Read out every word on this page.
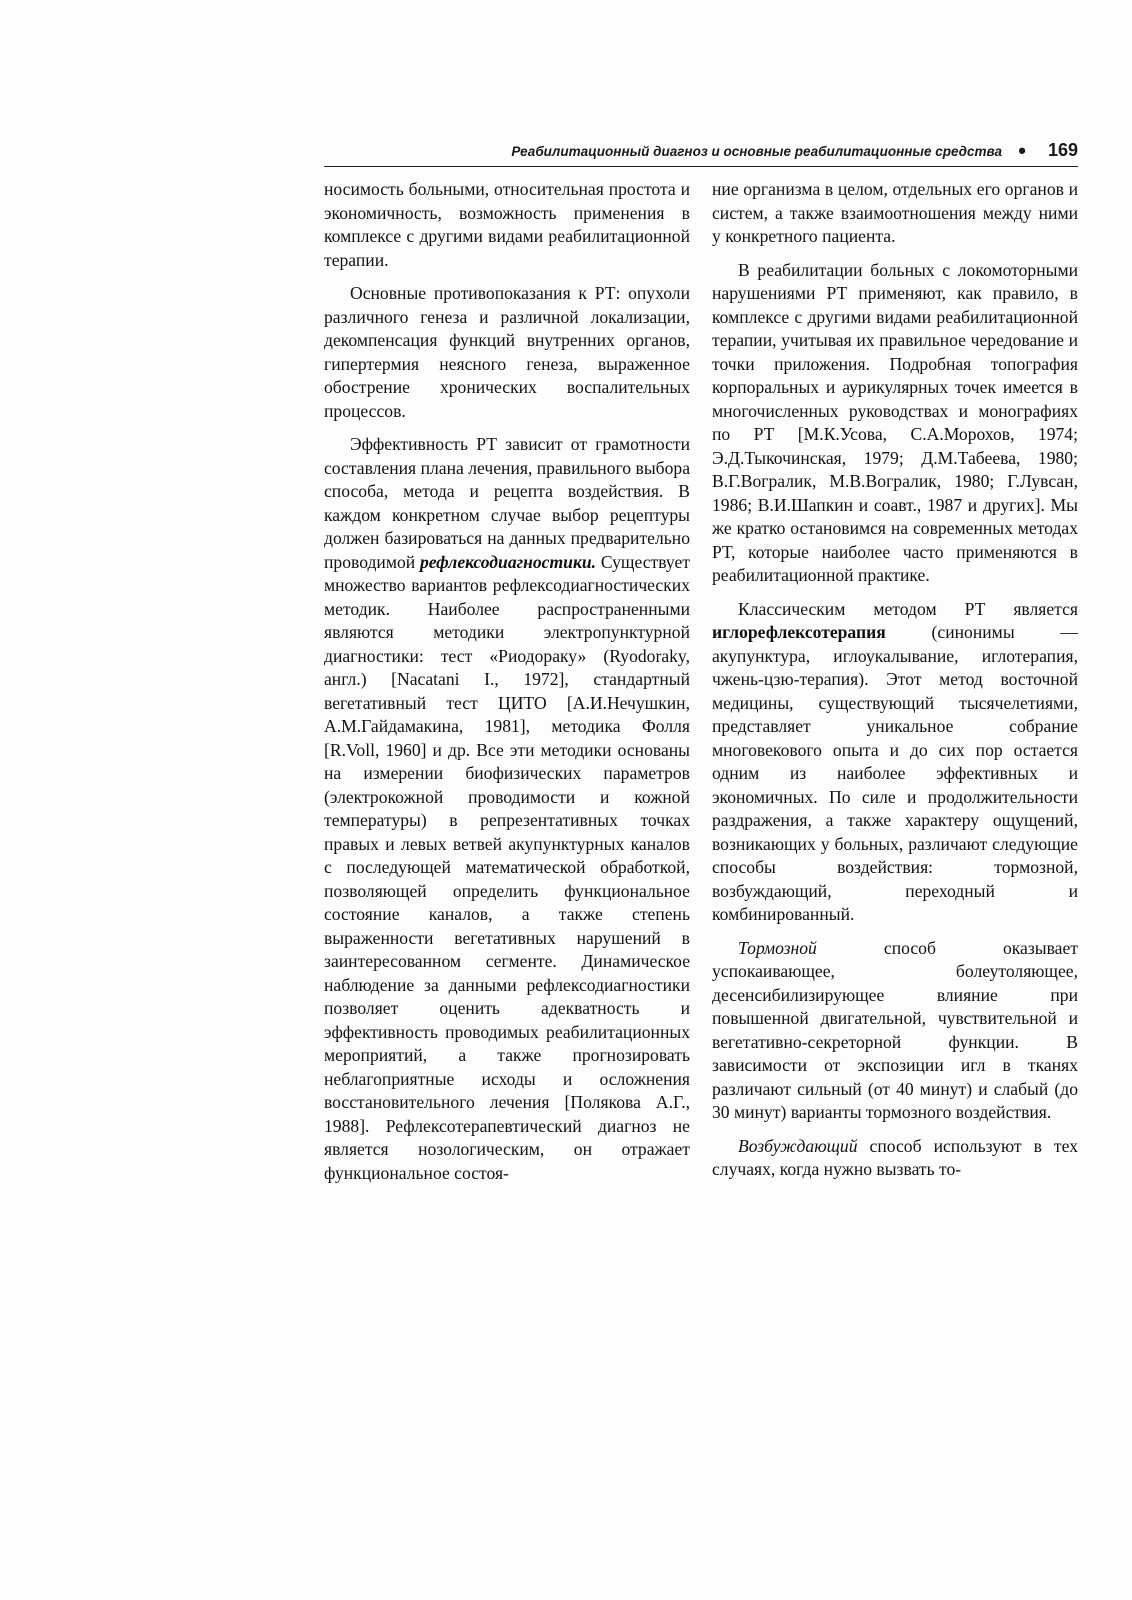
Реабилитационный диагноз и основные реабилитационные средства • 169

носимость больными, относительная простота и экономичность, возможность применения в комплексе с другими видами реабилитационной терапии.

Основные противопоказания к РТ: опухоли различного генеза и различной локализации, декомпенсация функций внутренних органов, гипертермия неясного генеза, выраженное обострение хронических воспалительных процессов.

Эффективность РТ зависит от грамотности составления плана лечения, правильного выбора способа, метода и рецепта воздействия. В каждом конкретном случае выбор рецептуры должен базироваться на данных предварительно проводимой рефлексодиагностики. Существует множество вариантов рефлексодиагностических методик. Наиболее распространенными являются методики электропунктурной диагностики: тест «Риодораку» (Ryodoraky, англ.) [Nacatani I., 1972], стандартный вегетативный тест ЦИТО [А.И.Нечушкин, А.М.Гайдамакина, 1981], методика Фолля [R.Voll, 1960] и др. Все эти методики основаны на измерении биофизических параметров (электрокожной проводимости и кожной температуры) в репрезентативных точках правых и левых ветвей акупунктурных каналов с последующей математической обработкой, позволяющей определить функциональное состояние каналов, а также степень выраженности вегетативных нарушений в заинтересованном сегменте. Динамическое наблюдение за данными рефлексодиагностики позволяет оценить адекватность и эффективность проводимых реабилитационных мероприятий, а также прогнозировать неблагоприятные исходы и осложнения восстановительного лечения [Полякова А.Г., 1988]. Рефлексотерапевтический диагноз не является нозологическим, он отражает функциональное состоя-

ние организма в целом, отдельных его органов и систем, а также взаимоотношения между ними у конкретного пациента.

В реабилитации больных с локомоторными нарушениями РТ применяют, как правило, в комплексе с другими видами реабилитационной терапии, учитывая их правильное чередование и точки приложения. Подробная топография корпоральных и аурикулярных точек имеется в многочисленных руководствах и монографиях по РТ [М.К.Усова, С.А.Морохов, 1974; Э.Д.Тыкочинская, 1979; Д.М.Табеева, 1980; В.Г.Вогралик, М.В.Вогралик, 1980; Г.Лувсан, 1986; В.И.Шапкин и соавт., 1987 и других]. Мы же кратко остановимся на современных методах РТ, которые наиболее часто применяются в реабилитационной практике.

Классическим методом РТ является иглорефлексотерапия (синонимы — акупунктура, иглоукалывание, иглотерапия, чжень-цзю-терапия). Этот метод восточной медицины, существующий тысячелетиями, представляет уникальное собрание многовекового опыта и до сих пор остается одним из наиболее эффективных и экономичных. По силе и продолжительности раздражения, а также характеру ощущений, возникающих у больных, различают следующие способы воздействия: тормозной, возбуждающий, переходный и комбинированный.

Тормозной способ оказывает успокаивающее, болеутоляющее, десенсибилизирующее влияние при повышенной двигательной, чувствительной и вегетативно-секреторной функции. В зависимости от экспозиции игл в тканях различают сильный (от 40 минут) и слабый (до 30 минут) варианты тормозного воздействия.

Возбуждающий способ используют в тех случаях, когда нужно вызвать то-
